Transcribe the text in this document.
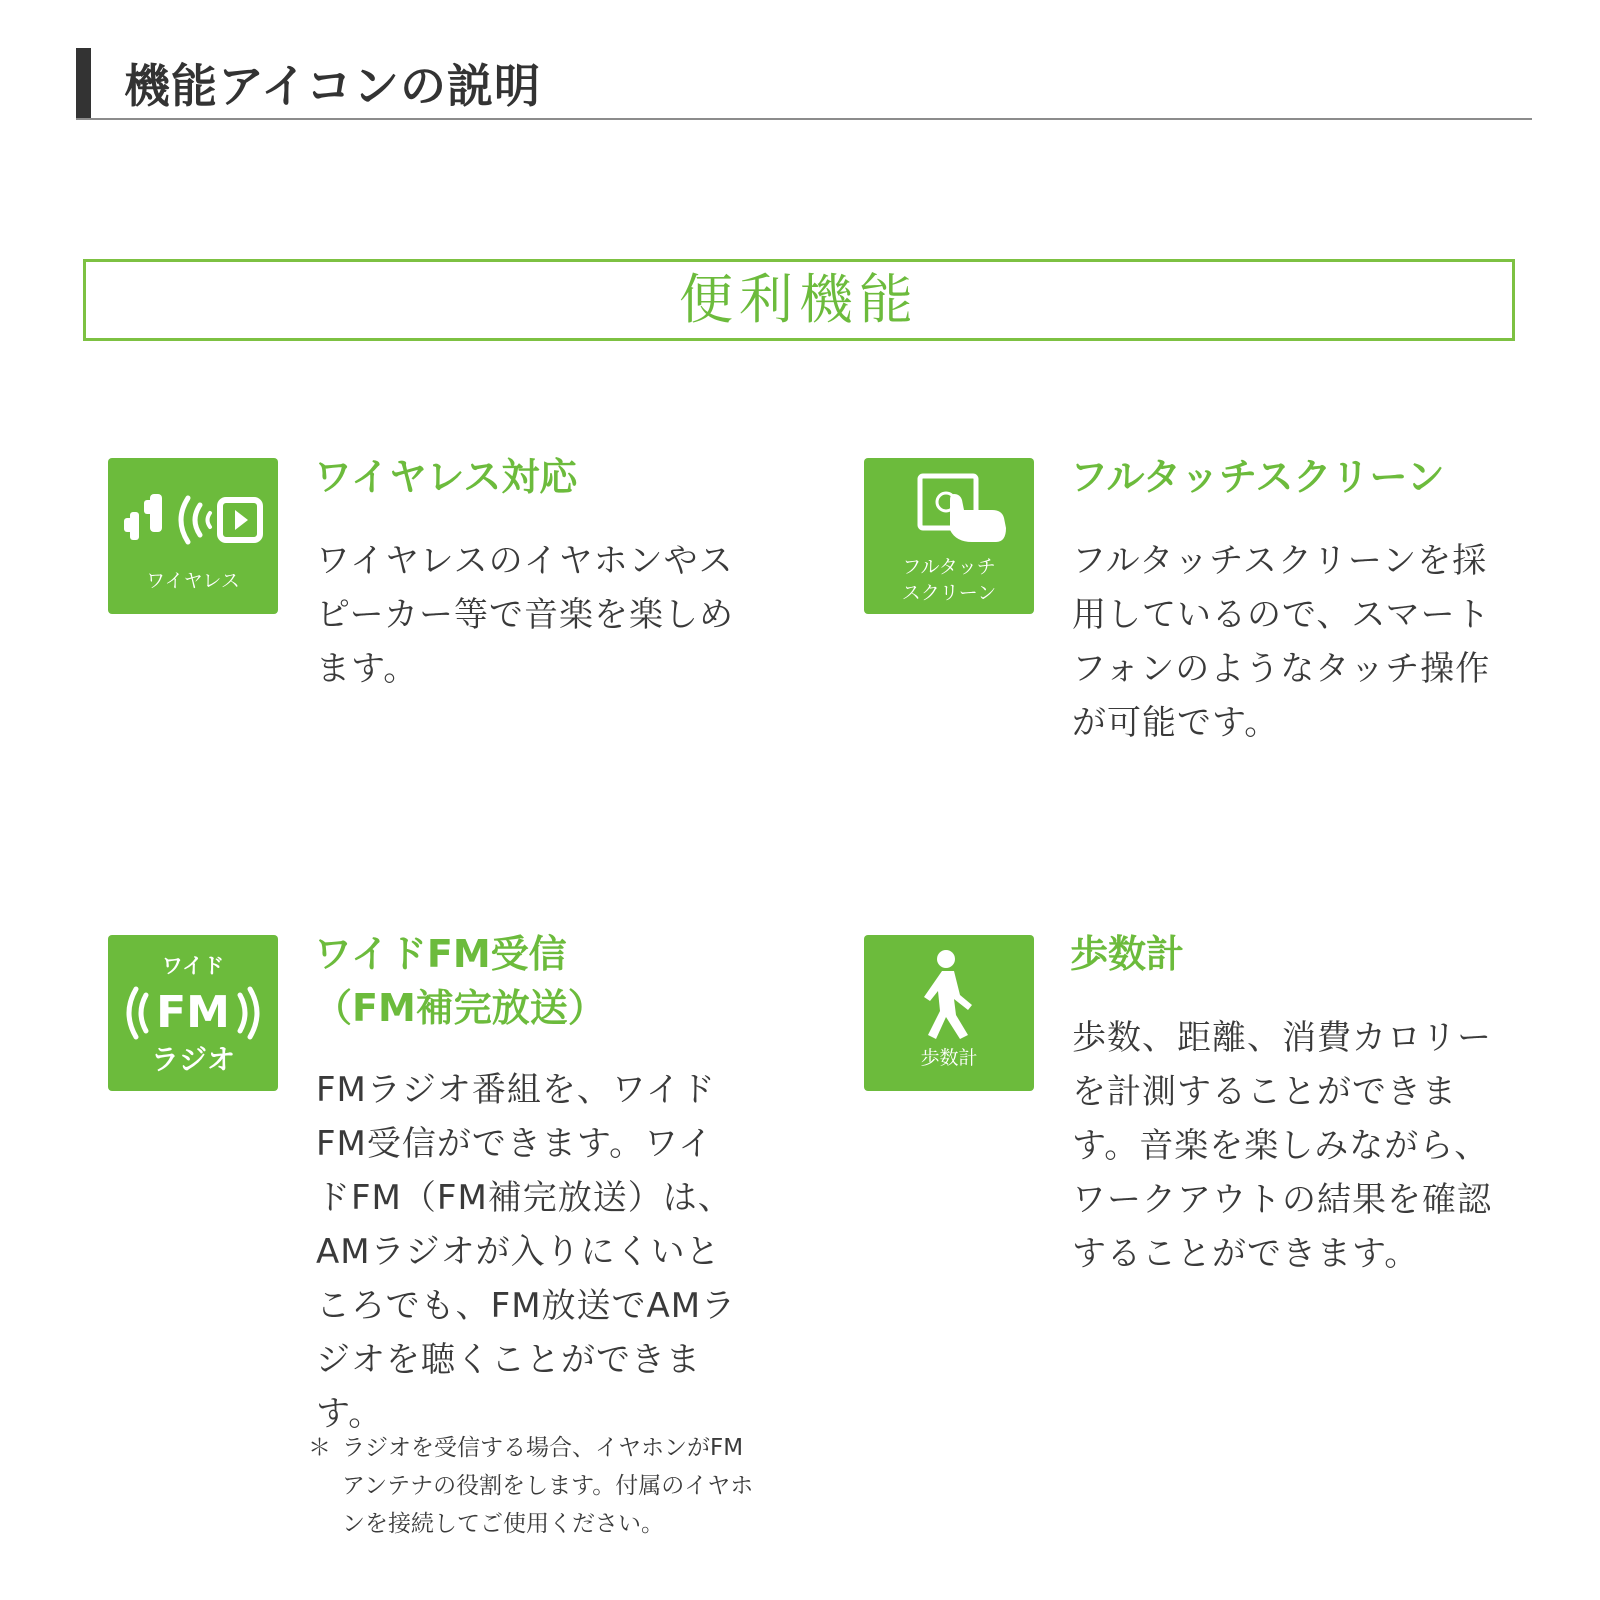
機能アイコンの説明
便利機能
ワイヤレス
ワイヤレス対応
ワイヤレスのイヤホンやスピーカー等で音楽を楽しめます。
フルタッチ
スクリーン
フルタッチスクリーン
フルタッチスクリーンを採用しているので、スマートフォンのようなタッチ操作が可能です。
ワイド
FM
ラジオ
ワイドFM受信
（FM補完放送）
FMラジオ番組を、ワイドFM受信ができます。ワイドFM（FM補完放送）は、AMラジオが入りにくいところでも、FM放送でAMラジオを聴くことができます。
＊ ラジオを受信する場合、イヤホンがFMアンテナの役割をします。付属のイヤホンを接続してご使用ください。
歩数計
歩数計
歩数、距離、消費カロリーを計測することができます。音楽を楽しみながら、ワークアウトの結果を確認することができます。
